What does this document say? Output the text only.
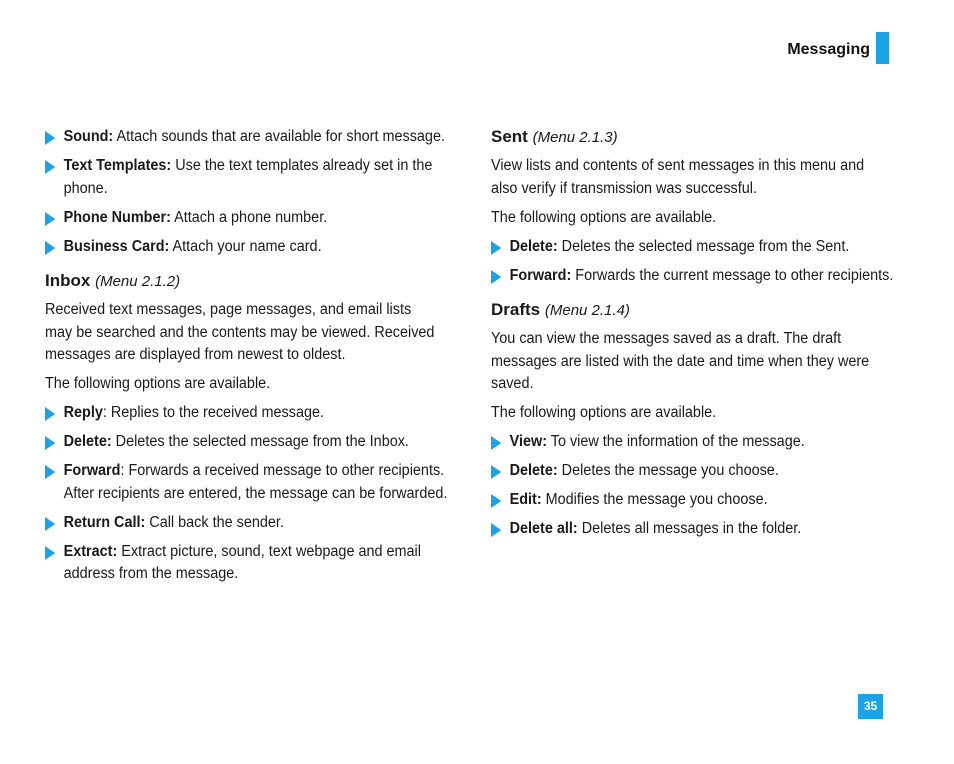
Messaging
Sound: Attach sounds that are available for short message.
Text Templates: Use the text templates already set in the phone.
Phone Number: Attach a phone number.
Business Card: Attach your name card.
Inbox (Menu 2.1.2)
Received text messages, page messages, and email lists may be searched and the contents may be viewed. Received messages are displayed from newest to oldest.
The following options are available.
Reply: Replies to the received message.
Delete: Deletes the selected message from the Inbox.
Forward: Forwards a received message to other recipients. After recipients are entered, the message can be forwarded.
Return Call: Call back the sender.
Extract: Extract picture, sound, text webpage and email address from the message.
Sent (Menu 2.1.3)
View lists and contents of sent messages in this menu and also verify if transmission was successful.
The following options are available.
Delete: Deletes the selected message from the Sent.
Forward: Forwards the current message to other recipients.
Drafts (Menu 2.1.4)
You can view the messages saved as a draft. The draft messages are listed with the date and time when they were saved.
The following options are available.
View: To view the information of the message.
Delete: Deletes the message you choose.
Edit: Modifies the message you choose.
Delete all: Deletes all messages in the folder.
35
